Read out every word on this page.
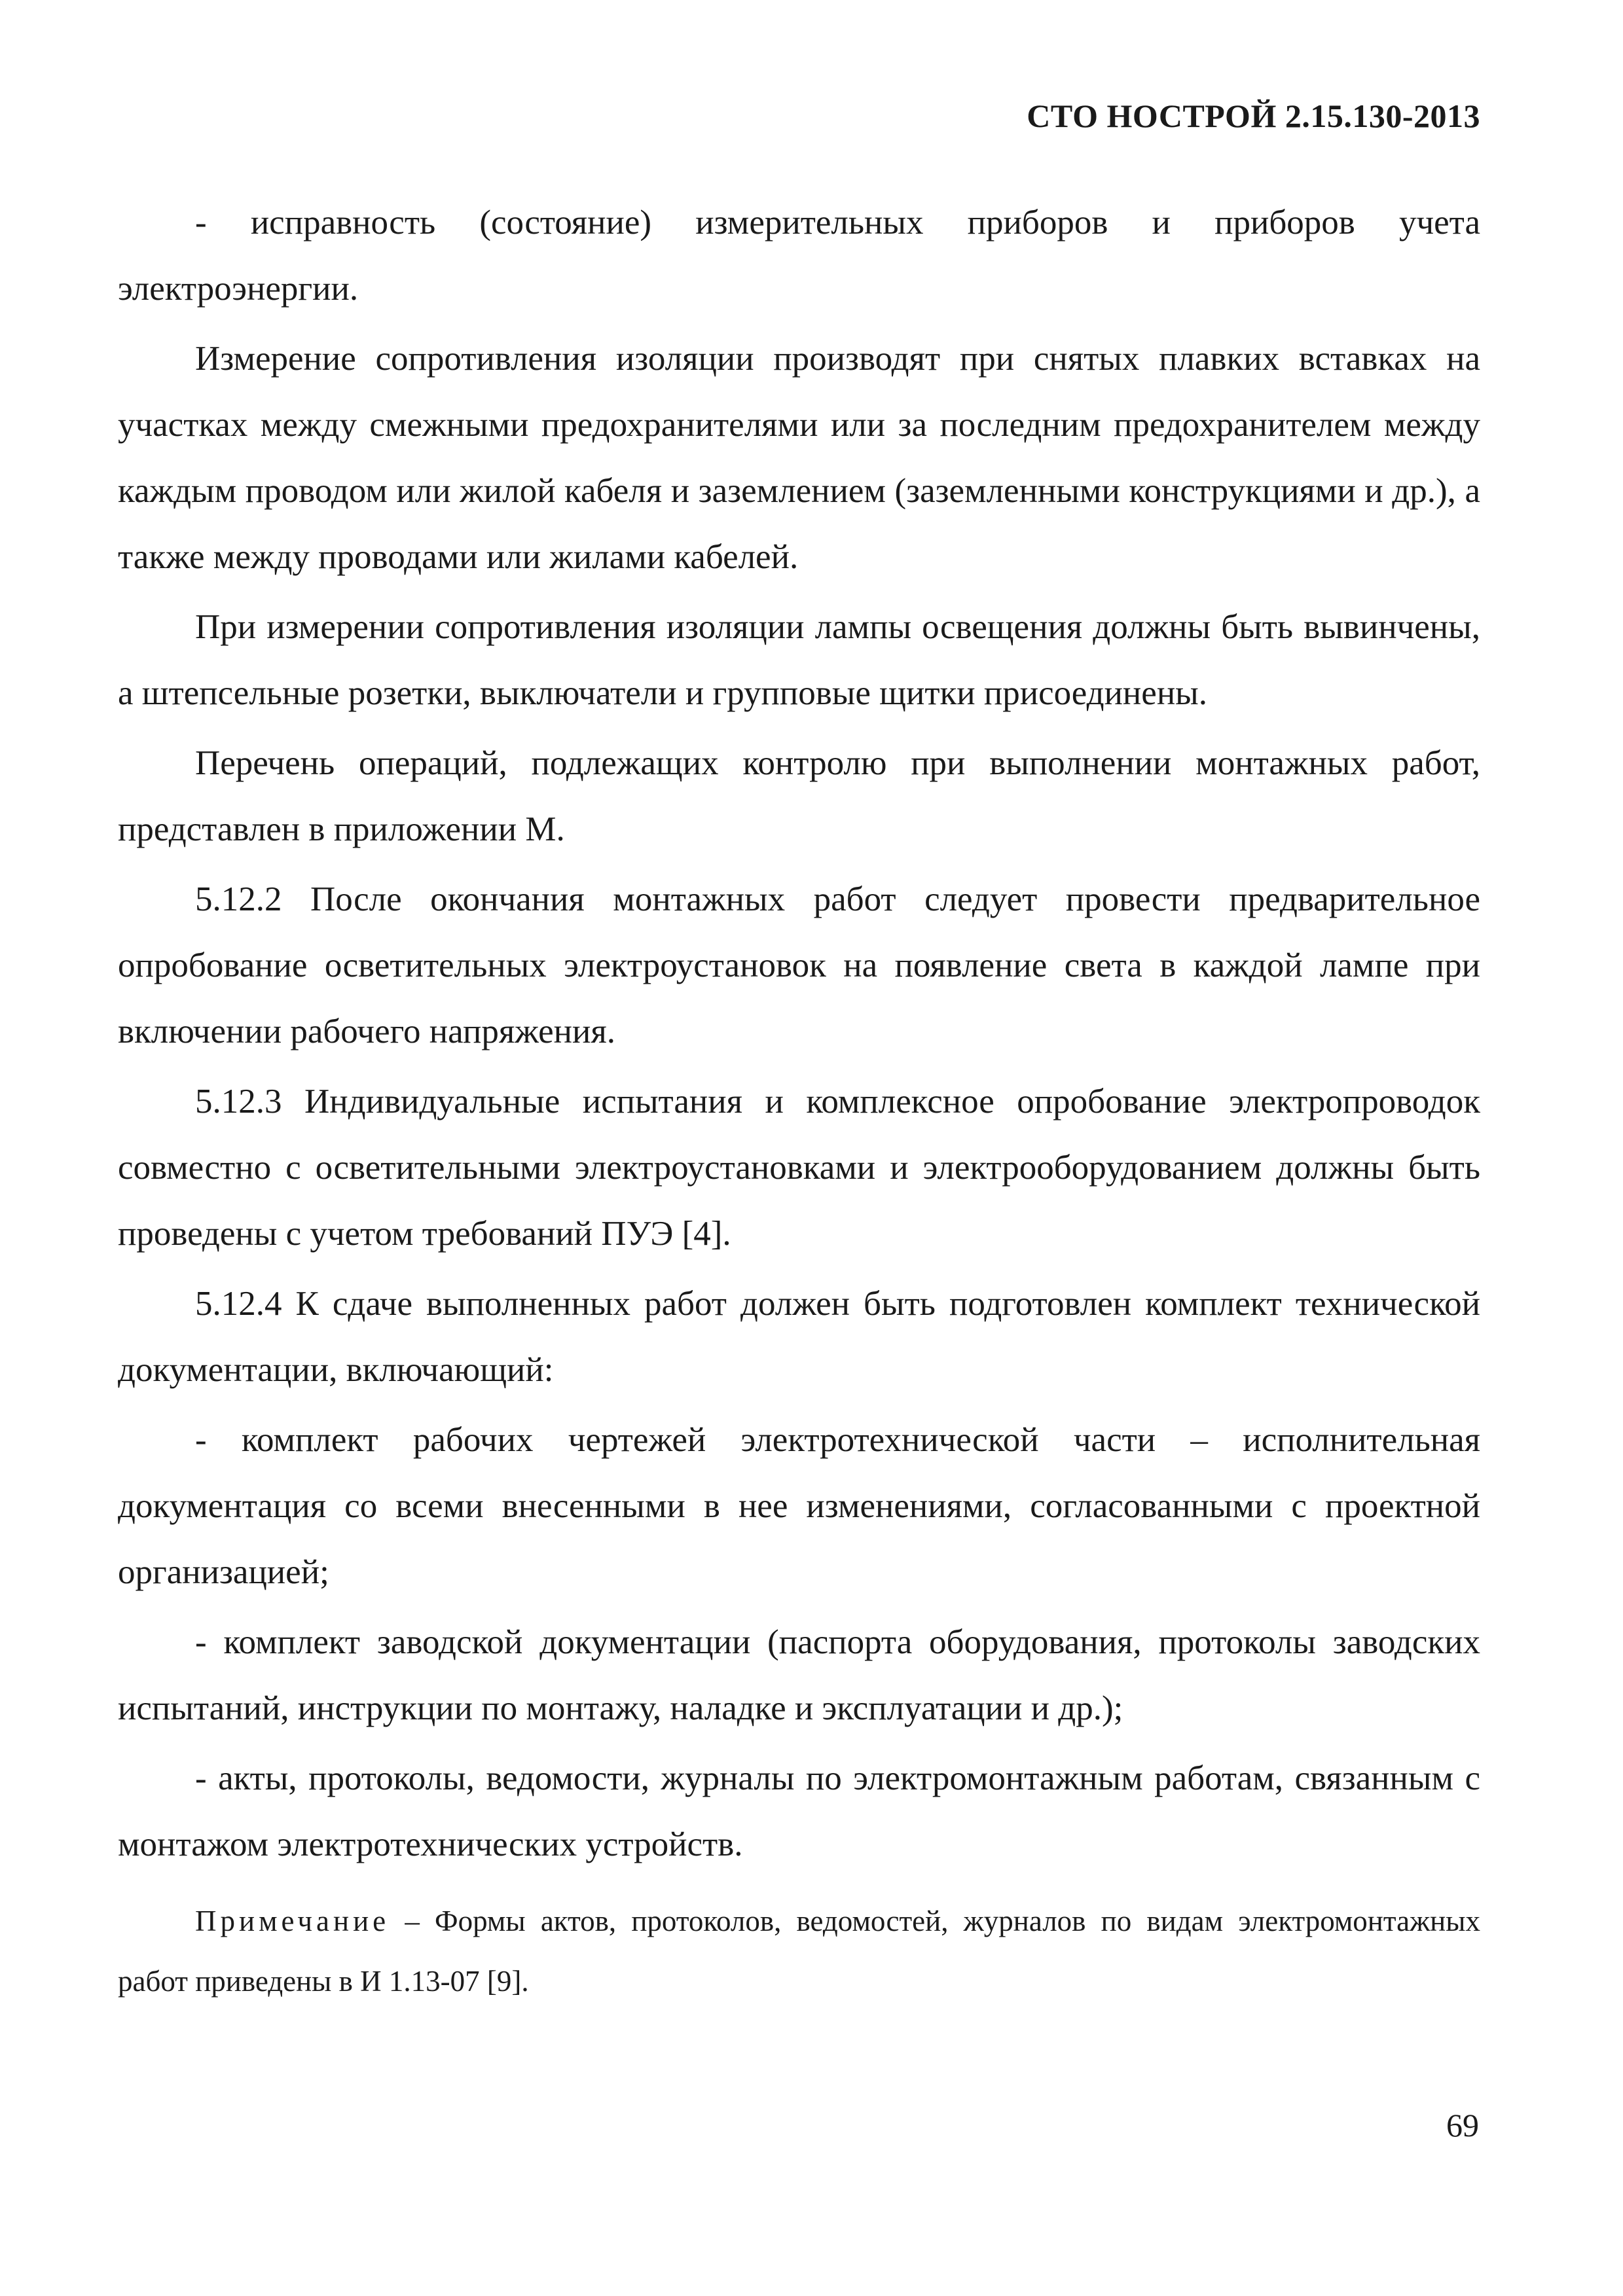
СТО НОСТРОЙ 2.15.130-2013

- исправность (состояние) измерительных приборов и приборов учета электроэнергии.

Измерение сопротивления изоляции производят при снятых плавких вставках на участках между смежными предохранителями или за последним предохранителем между каждым проводом или жилой кабеля и заземлением (заземленными конструкциями и др.), а также между проводами или жилами кабелей.

При измерении сопротивления изоляции лампы освещения должны быть вывинчены, а штепсельные розетки, выключатели и групповые щитки присоединены.

Перечень операций, подлежащих контролю при выполнении монтажных работ, представлен в приложении М.

5.12.2 После окончания монтажных работ следует провести предварительное опробование осветительных электроустановок на появление света в каждой лампе при включении рабочего напряжения.

5.12.3 Индивидуальные испытания и комплексное опробование электропроводок совместно с осветительными электроустановками и электрооборудованием должны быть проведены с учетом требований ПУЭ [4].

5.12.4 К сдаче выполненных работ должен быть подготовлен комплект технической документации, включающий:

- комплект рабочих чертежей электротехнической части – исполнительная документация со всеми внесенными в нее изменениями, согласованными с проектной организацией;

- комплект заводской документации (паспорта оборудования, протоколы заводских испытаний, инструкции по монтажу, наладке и эксплуатации и др.);

- акты, протоколы, ведомости, журналы по электромонтажным работам, связанным с монтажом электротехнических устройств.

Примечание – Формы актов, протоколов, ведомостей, журналов по видам электромонтажных работ приведены в И 1.13-07 [9].

69
